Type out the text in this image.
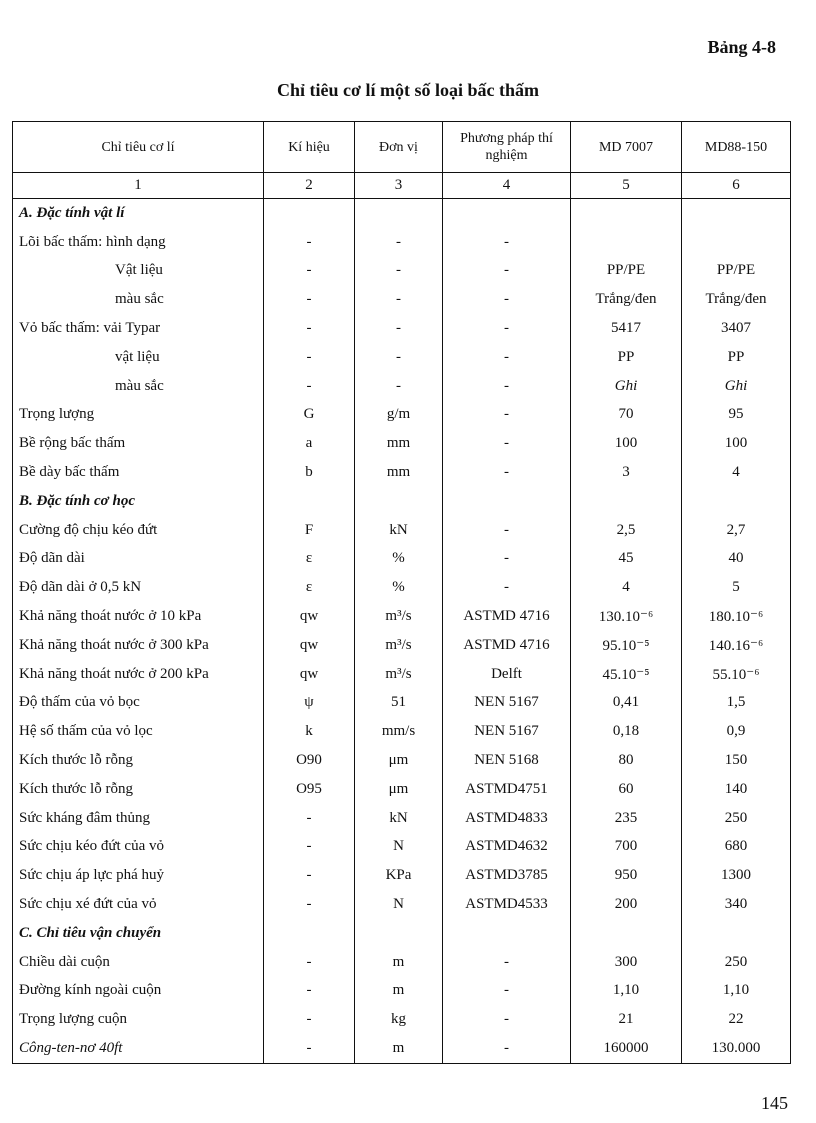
Bảng 4-8
Chỉ tiêu cơ lí một số loại bấc thấm
Chỉ tiêu cơ lí	Kí hiệu	Đơn vị	Phương pháp thí nghiệm	MD 7007	MD88-150
1	2	3	4	5	6
A. Đặc tính vật lí					
Lõi bấc thấm: hình dạng	-	-	-		
Vật liệu	-	-	-	PP/PE	PP/PE
màu sắc	-	-	-	Trắng/đen	Trắng/đen
Vỏ bấc thấm: vải Typar	-	-	-	5417	3407
vật liệu	-	-	-	PP	PP
màu sắc	-	-	-	Ghi	Ghi
Trọng lượng	G	g/m	-	70	95
Bề rộng bấc thấm	a	mm	-	100	100
Bề dày bấc thấm	b	mm	-	3	4
B. Đặc tính cơ học					
Cường độ chịu kéo đứt	F	kN	-	2,5	2,7
Độ dãn dài	ε	%	-	45	40
Độ dãn dài ở 0,5 kN	ε	%	-	4	5
Khả năng thoát nước ở 10 kPa	qw	m³/s	ASTMD 4716	130.10⁻⁶	180.10⁻⁶
Khả năng thoát nước ở 300 kPa	qw	m³/s	ASTMD 4716	95.10⁻⁵	140.16⁻⁶
Khả năng thoát nước ở 200 kPa	qw	m³/s	Delft	45.10⁻⁵	55.10⁻⁶
Độ thấm của vỏ bọc	ψ	51	NEN 5167	0,41	1,5
Hệ số thấm của vỏ lọc	k	mm/s	NEN 5167	0,18	0,9
Kích thước lỗ rỗng	O90	μm	NEN 5168	80	150
Kích thước lỗ rỗng	O95	μm	ASTMD4751	60	140
Sức kháng đâm thủng	-	kN	ASTMD4833	235	250
Sức chịu kéo đứt của vỏ	-	N	ASTMD4632	700	680
Sức chịu áp lực phá huỷ	-	KPa	ASTMD3785	950	1300
Sức chịu xé đứt của vỏ	-	N	ASTMD4533	200	340
C. Chỉ tiêu vận chuyển					
Chiều dài cuộn	-	m	-	300	250
Đường kính ngoài cuộn	-	m	-	1,10	1,10
Trọng lượng cuộn	-	kg	-	21	22
Công-ten-nơ 40ft	-	m	-	160000	130.000
145
